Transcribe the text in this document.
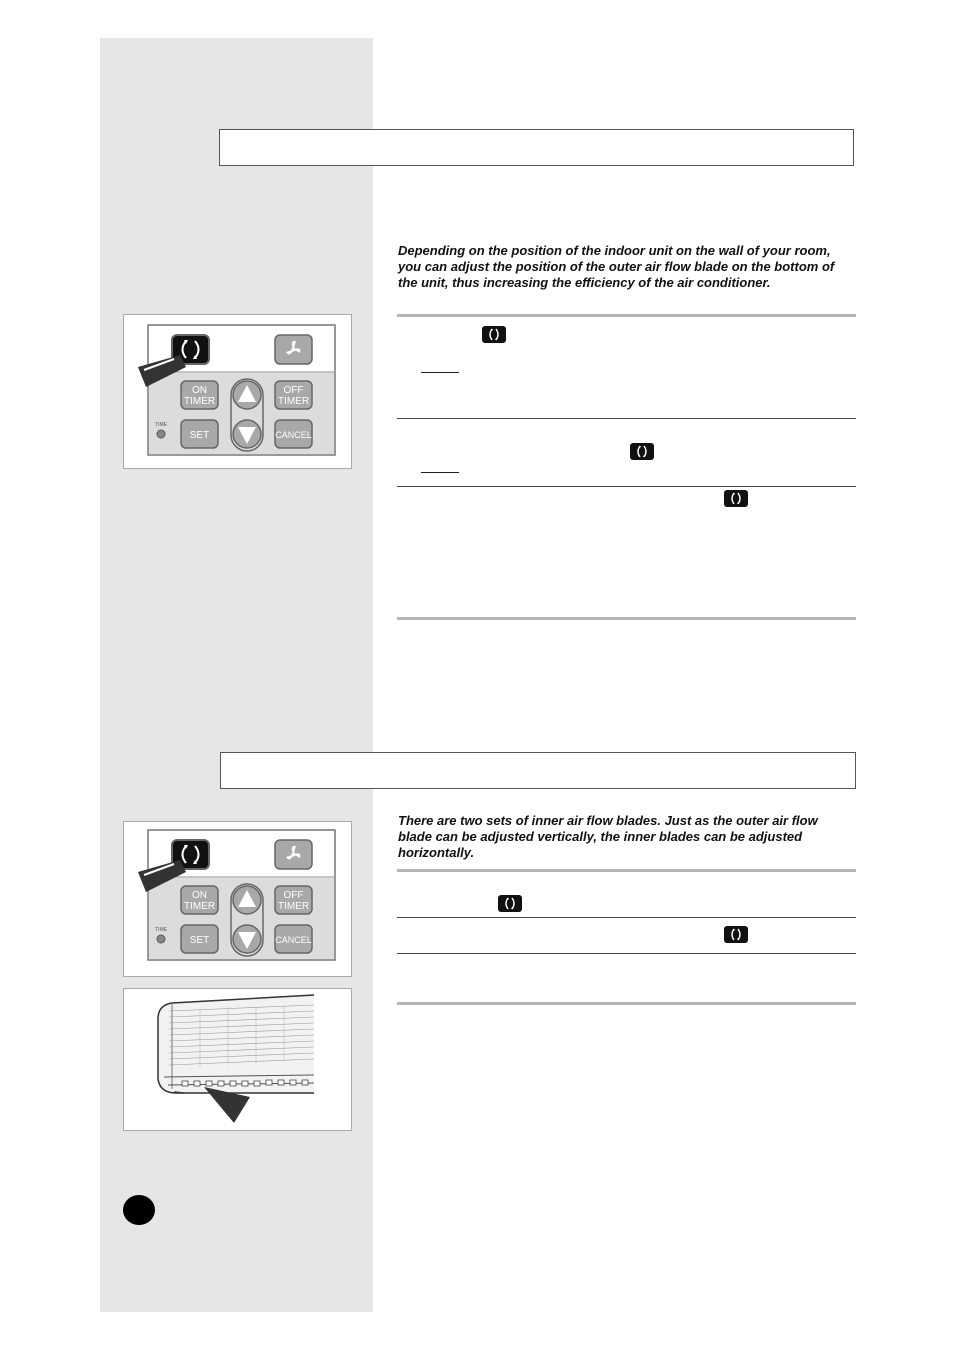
Depending on the position of the indoor unit on the wall of your room, you can adjust the position of the outer air flow blade on the bottom of the unit, thus increasing the efficiency of the air conditioner.

ON
TIMER
OFF
TIMER
TIME
SET	CANCEL

There are two sets of inner air flow blades. Just as the outer air flow blade can be adjusted vertically, the inner blades can be adjusted horizontally.

ON
TIMER
OFF
TIMER
TIME
SET	CANCEL
